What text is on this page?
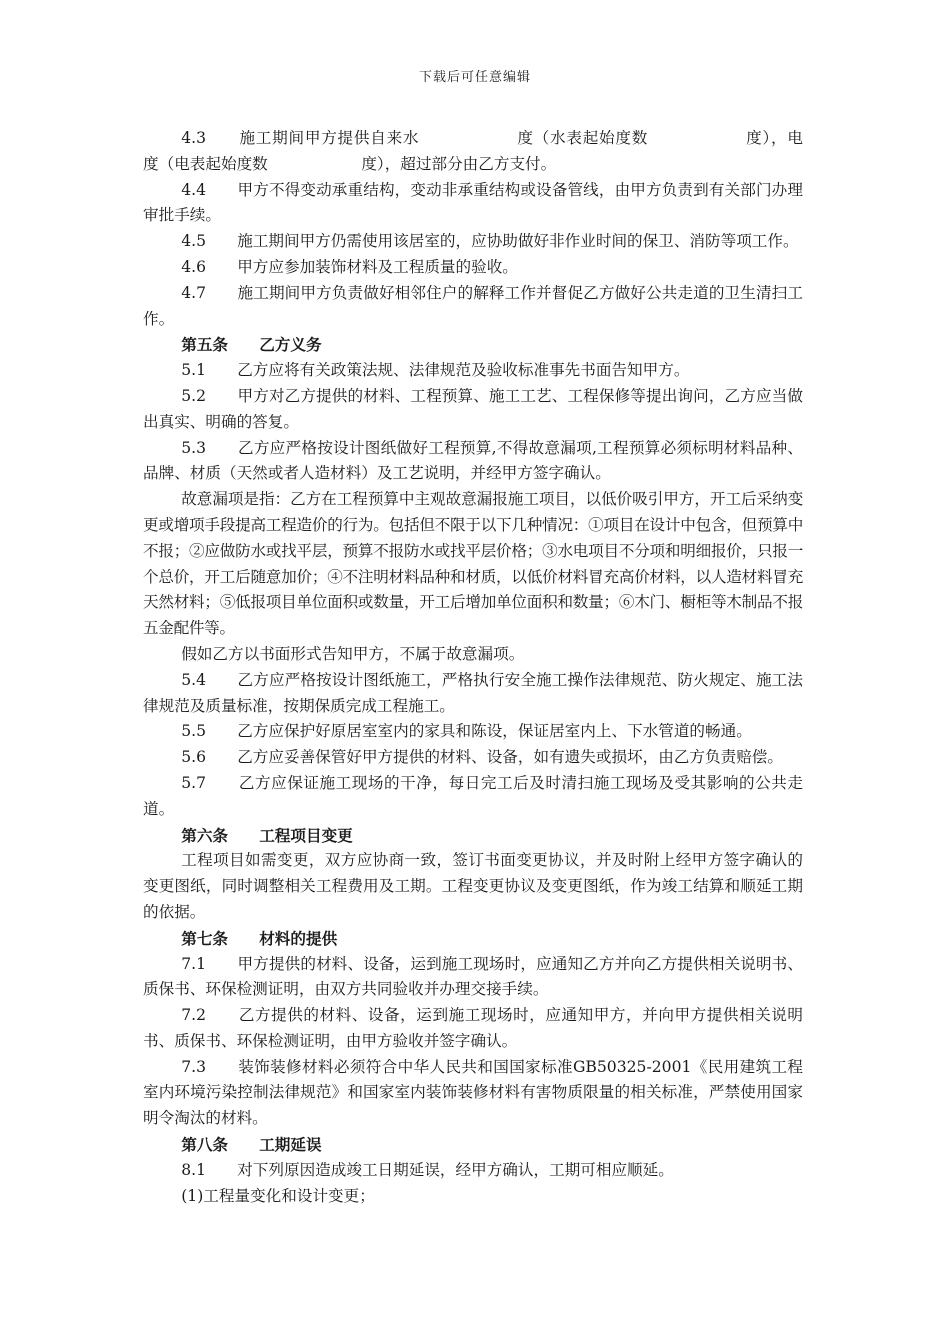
下载后可任意编辑

4.3　　施工期间甲方提供自来水　　　　　　度（水表起始度数　　　　　　度），电　　　　　　度（电表起始度数　　　　　　度），超过部分由乙方支付。

4.4　　甲方不得变动承重结构，变动非承重结构或设备管线，由甲方负责到有关部门办理审批手续。

4.5　　施工期间甲方仍需使用该居室的，应协助做好非作业时间的保卫、消防等项工作。

4.6　　甲方应参加装饰材料及工程质量的验收。

4.7　　施工期间甲方负责做好相邻住户的解释工作并督促乙方做好公共走道的卫生清扫工作。

第五条　　乙方义务

5.1　　乙方应将有关政策法规、法律规范及验收标准事先书面告知甲方。

5.2　　甲方对乙方提供的材料、工程预算、施工工艺、工程保修等提出询问，乙方应当做出真实、明确的答复。

5.3　　乙方应严格按设计图纸做好工程预算,不得故意漏项,工程预算必须标明材料品种、品牌、材质（天然或者人造材料）及工艺说明，并经甲方签字确认。

故意漏项是指：乙方在工程预算中主观故意漏报施工项目，以低价吸引甲方，开工后采纳变更或增项手段提高工程造价的行为。包括但不限于以下几种情况：①项目在设计中包含，但预算中不报；②应做防水或找平层，预算不报防水或找平层价格；③水电项目不分项和明细报价，只报一个总价，开工后随意加价；④不注明材料品种和材质，以低价材料冒充高价材料，以人造材料冒充天然材料；⑤低报项目单位面积或数量，开工后增加单位面积和数量；⑥木门、橱柜等木制品不报五金配件等。

假如乙方以书面形式告知甲方，不属于故意漏项。

5.4　　乙方应严格按设计图纸施工，严格执行安全施工操作法律规范、防火规定、施工法律规范及质量标准，按期保质完成工程施工。

5.5　　乙方应保护好原居室室内的家具和陈设，保证居室内上、下水管道的畅通。

5.6　　乙方应妥善保管好甲方提供的材料、设备，如有遗失或损坏，由乙方负责赔偿。

5.7　　乙方应保证施工现场的干净，每日完工后及时清扫施工现场及受其影响的公共走道。

第六条　　工程项目变更

工程项目如需变更，双方应协商一致，签订书面变更协议，并及时附上经甲方签字确认的变更图纸，同时调整相关工程费用及工期。工程变更协议及变更图纸，作为竣工结算和顺延工期的依据。

第七条　　材料的提供

7.1　　甲方提供的材料、设备，运到施工现场时，应通知乙方并向乙方提供相关说明书、质保书、环保检测证明，由双方共同验收并办理交接手续。

7.2　　乙方提供的材料、设备，运到施工现场时，应通知甲方，并向甲方提供相关说明书、质保书、环保检测证明，由甲方验收并签字确认。

7.3　　装饰装修材料必须符合中华人民共和国国家标准GB50325-2001《民用建筑工程室内环境污染控制法律规范》和国家室内装饰装修材料有害物质限量的相关标准，严禁使用国家明令淘汰的材料。

第八条　　工期延误

8.1　　对下列原因造成竣工日期延误，经甲方确认，工期可相应顺延。

(1)工程量变化和设计变更；
